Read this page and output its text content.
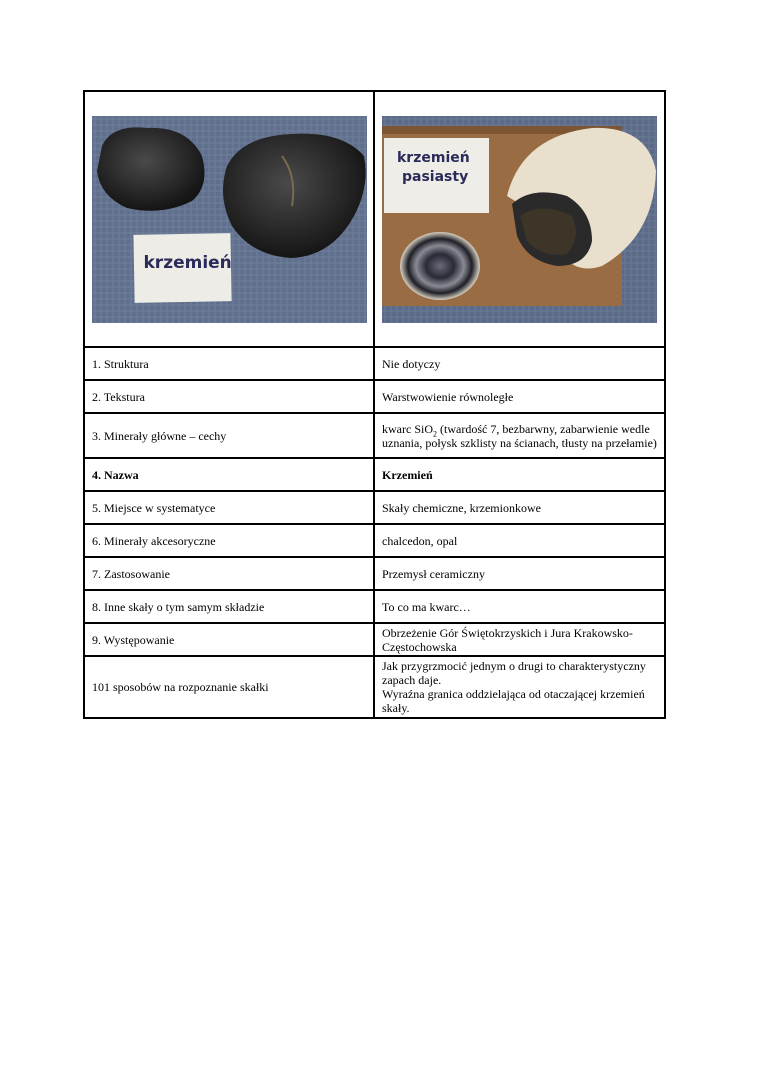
krzemień	krzemień
pasiasty

1. Struktura	Nie dotyczy
2. Tekstura	Warstwowienie równoległe
3. Minerały główne – cechy	kwarc SiO$_2$ (twardość 7, bezbarwny, zabarwienie wedle uznania, połysk szklisty na ścianach, tłusty na przełamie)
4. Nazwa	Krzemień
5. Miejsce w systematyce	Skały chemiczne, krzemionkowe
6. Minerały akcesoryczne	chalcedon, opal
7. Zastosowanie	Przemysł ceramiczny
8. Inne skały o tym samym składzie	To co ma kwarc…
9. Występowanie	Obrzeżenie Gór Świętokrzyskich i Jura Krakowsko-Częstochowska
101 sposobów na rozpoznanie skałki	Jak przygrzmocić jednym o drugi to charakterystyczny zapach daje.
Wyraźna granica oddzielająca od otaczającej krzemień skały.
